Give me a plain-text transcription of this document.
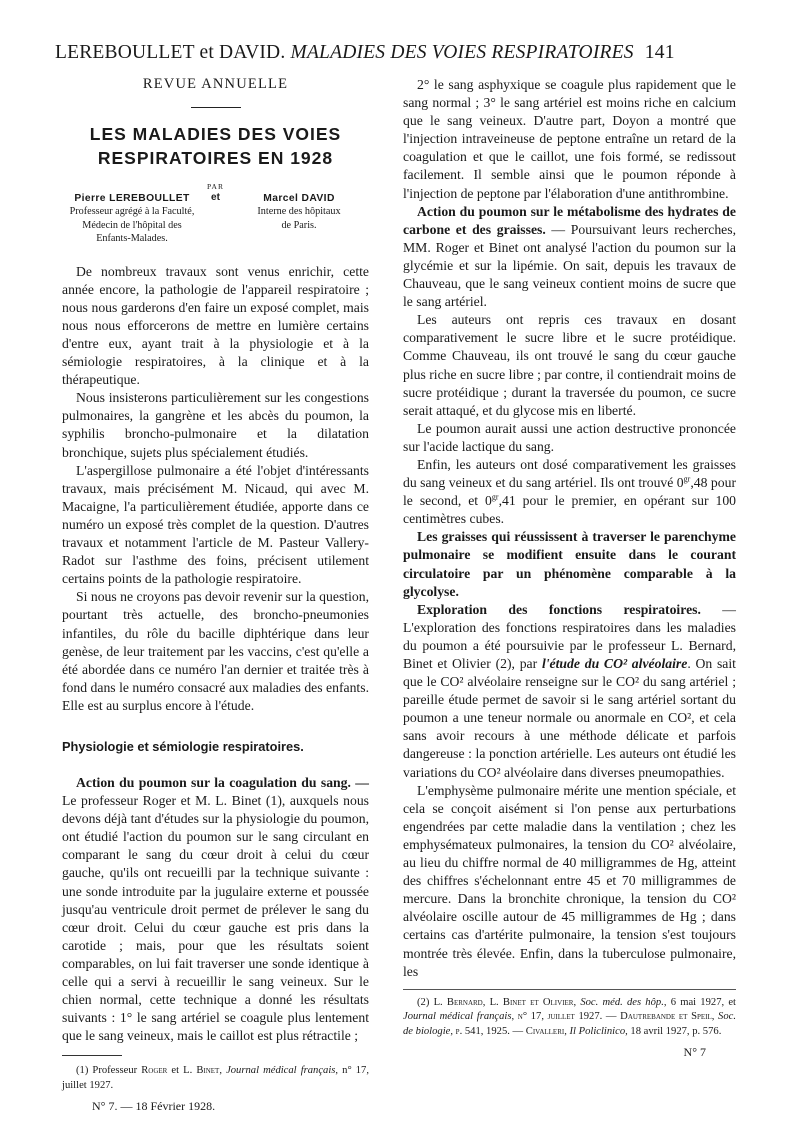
LEREBOULLET et DAVID. MALADIES DES VOIES RESPIRATOIRES 141
REVUE ANNUELLE
LES MALADIES DES VOIES
RESPIRATOIRES EN 1928
PAR
Pierre LEREBOULLET
Professeur agrégé à la Faculté,
Médecin de l'hôpital des
Enfants-Malades.
et	Marcel DAVID
Interne des hôpitaux
de Paris.

De nombreux travaux sont venus enrichir, cette année encore, la pathologie de l'appareil respiratoire ; nous nous garderons d'en faire un exposé complet, mais nous nous efforcerons de mettre en lumière certains d'entre eux, ayant trait à la physiologie et à la sémiologie respiratoires, à la clinique et à la thérapeutique.

Nous insisterons particulièrement sur les congestions pulmonaires, la gangrène et les abcès du poumon, la syphilis broncho-pulmonaire et la dilatation bronchique, sujets plus spécialement étudiés.

L'aspergillose pulmonaire a été l'objet d'intéressants travaux, mais précisément M. Nicaud, qui avec M. Macaigne, l'a particulièrement étudiée, apporte dans ce numéro un exposé très complet de la question. D'autres travaux et notamment l'article de M. Pasteur Vallery-Radot sur l'asthme des foins, précisent utilement certains points de la pathologie respiratoire.

Si nous ne croyons pas devoir revenir sur la question, pourtant très actuelle, des broncho-pneumonies infantiles, du rôle du bacille diphtérique dans leur genèse, de leur traitement par les vaccins, c'est qu'elle a été abordée dans ce numéro l'an dernier et traitée très à fond dans le numéro consacré aux maladies des enfants. Elle est au surplus encore à l'étude.

Physiologie et sémiologie respiratoires.

Action du poumon sur la coagulation du sang. — Le professeur Roger et M. L. Binet (1), auxquels nous devons déjà tant d'études sur la physiologie du poumon, ont étudié l'action du poumon sur le sang circulant en comparant le sang du cœur droit à celui du cœur gauche, qu'ils ont recueilli par la technique suivante : une sonde introduite par la jugulaire externe et poussée jusqu'au ventricule droit permet de prélever le sang du cœur droit. Celui du cœur gauche est pris dans la carotide ; mais, pour que les résultats soient comparables, on lui fait traverser une sonde identique à celle qui a servi à recueillir le sang veineux. Sur le chien normal, cette technique a donné les résultats suivants : 1° le sang artériel se coagule plus lentement que le sang veineux, mais le caillot est plus rétractile ;

(1) Professeur Roger et L. Binet, Journal médical français, n° 17, juillet 1927.

N° 7. — 18 Février 1928.

2° le sang asphyxique se coagule plus rapidement que le sang normal ; 3° le sang artériel est moins riche en calcium que le sang veineux. D'autre part, Doyon a montré que l'injection intraveineuse de peptone entraîne un retard de la coagulation et que le caillot, une fois formé, se redissout facilement. Il semble ainsi que le poumon réponde à l'injection de peptone par l'élaboration d'une antithrombine.

Action du poumon sur le métabolisme des hydrates de carbone et des graisses. — Poursuivant leurs recherches, MM. Roger et Binet ont analysé l'action du poumon sur la glycémie et sur la lipémie. On sait, depuis les travaux de Chauveau, que le sang veineux contient moins de sucre que le sang artériel.

Les auteurs ont repris ces travaux en dosant comparativement le sucre libre et le sucre protéidique. Comme Chauveau, ils ont trouvé le sang du cœur gauche plus riche en sucre libre ; par contre, il contiendrait moins de sucre protéidique ; durant la traversée du poumon, ce sucre serait attaqué, et du glycose mis en liberté.

Le poumon aurait aussi une action destructive prononcée sur l'acide lactique du sang.

Enfin, les auteurs ont dosé comparativement les graisses du sang veineux et du sang artériel. Ils ont trouvé $0^{gr},48$ pour le second, et $0^{gr},41$ pour le premier, en opérant sur 100 centimètres cubes.

Les graisses qui réussissent à traverser le parenchyme pulmonaire se modifient ensuite dans le courant circulatoire par un phénomène comparable à la glycolyse.

Exploration des fonctions respiratoires. — L'exploration des fonctions respiratoires dans les maladies du poumon a été poursuivie par le professeur L. Bernard, Binet et Olivier (2), par l'étude du CO² alvéolaire. On sait que le CO² alvéolaire renseigne sur le CO² du sang artériel ; pareille étude permet de savoir si le sang artériel sortant du poumon a une teneur normale ou anormale en CO², et cela sans avoir recours à une méthode délicate et parfois dangereuse : la ponction artérielle. Les auteurs ont étudié les variations du CO² alvéolaire dans diverses pneumopathies.

L'emphysème pulmonaire mérite une mention spéciale, et cela se conçoit aisément si l'on pense aux perturbations engendrées par cette maladie dans la ventilation ; chez les emphysémateux pulmonaires, la tension du CO² alvéolaire, au lieu du chiffre normal de 40 milligrammes de Hg, atteint des chiffres s'échelonnant entre 45 et 70 milligrammes de mercure. Dans la bronchite chronique, la tension du CO² alvéolaire oscille autour de 45 milligrammes de Hg ; dans certains cas d'artérite pulmonaire, la tension s'est toujours montrée très élevée. Enfin, dans la tuberculose pulmonaire, les

(2) L. Bernard, L. Binet et Olivier, Soc. méd. des hôp., 6 mai 1927, et Journal médical français, n° 17, juillet 1927. — Dautrebande et Speil, Soc. de biologie, p. 541, 1925. — Civalleri, Il Policlinico, 18 avril 1927, p. 576.

N° 7
